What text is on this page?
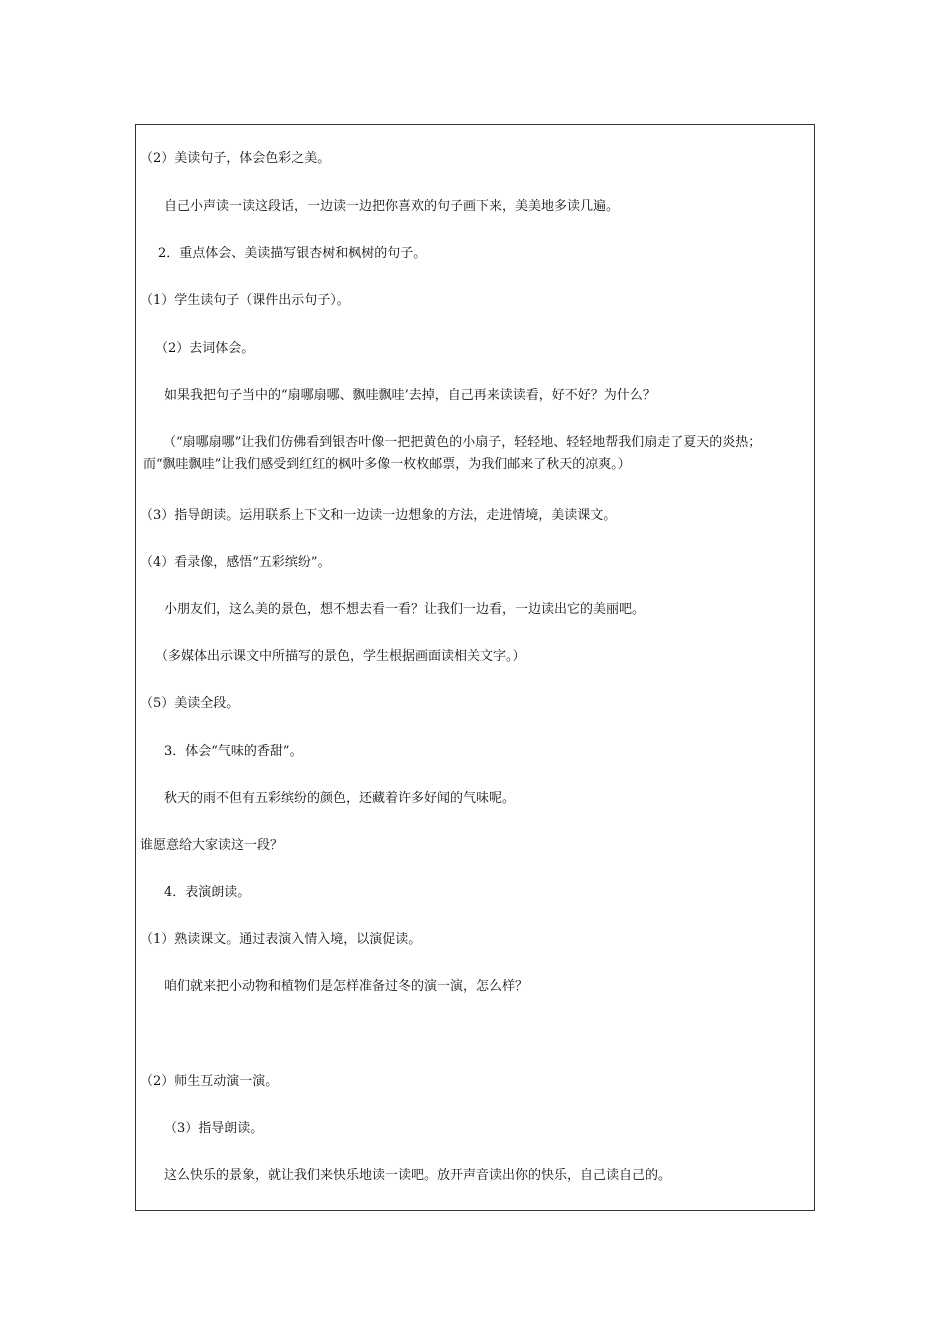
（2）美读句子，体会色彩之美。
自己小声读一读这段话，一边读一边把你喜欢的句子画下来，美美地多读几遍。
2．重点体会、美读描写银杏树和枫树的句子。
（1）学生读句子（课件出示句子）。
（2）去词体会。
如果我把句子当中的“扇哪扇哪、飘哇飘哇’去掉，自己再来读读看，好不好？为什么？
（“扇哪扇哪”让我们仿佛看到银杏叶像一把把黄色的小扇子，轻轻地、轻轻地帮我们扇走了夏天的炎热；而“飘哇飘哇”让我们感受到红红的枫叶多像一枚枚邮票，为我们邮来了秋天的凉爽。）
（3）指导朗读。运用联系上下文和一边读一边想象的方法，走进情境，美读课文。
（4）看录像，感悟“五彩缤纷”。
小朋友们，这么美的景色，想不想去看一看？让我们一边看，一边读出它的美丽吧。
（多媒体出示课文中所描写的景色，学生根据画面读相关文字。）
（5）美读全段。
3．体会“气味的香甜”。
秋天的雨不但有五彩缤纷的颜色，还藏着许多好闻的气味呢。
谁愿意给大家读这一段？
4．表演朗读。
（1）熟读课文。通过表演入情入境，以演促读。
咱们就来把小动物和植物们是怎样准备过冬的演一演，怎么样？
（2）师生互动演一演。
（3）指导朗读。
这么快乐的景象，就让我们来快乐地读一读吧。放开声音读出你的快乐，自己读自己的。
